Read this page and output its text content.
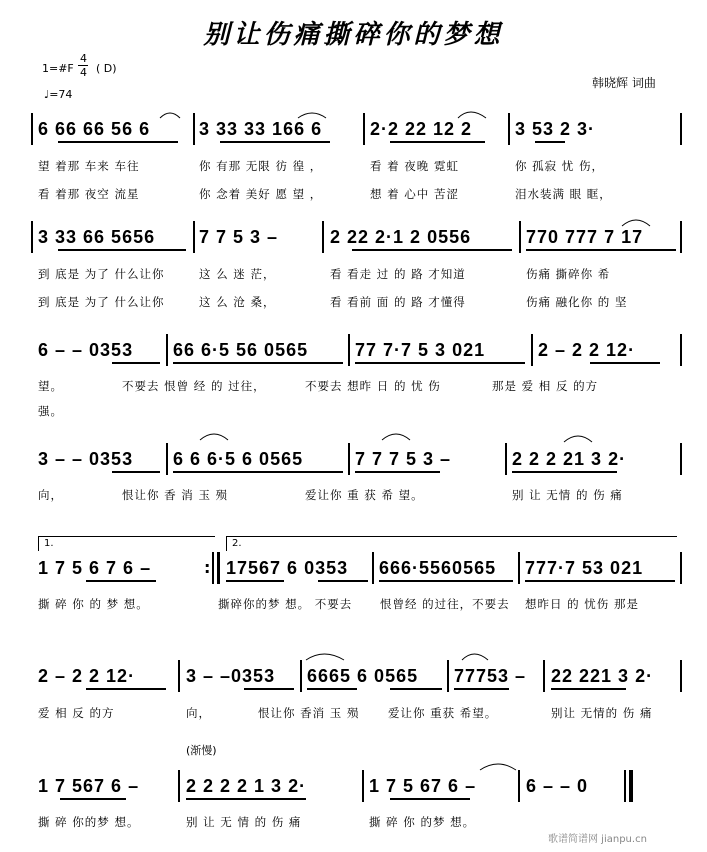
别让伤痛撕碎你的梦想
1=#F
4
4 ( D)
♩=74
韩晓辉 词曲
6 66 66 56 6	3 33 33 166 6	2·2 22 12 2 3 53 2 3·
望 着那 车来 车往	你 有那 无限 彷 徨 ，	看 着 夜晚 霓虹	你 孤寂 忧 伤，
看 着那 夜空 流星	你 念着 美好 愿 望 ，	想 着 心中 苦涩	泪水装满 眼 眶，
3 33 66 5656 7 7 5 3 –	2 22 2·1 2 0556	770 777 7 17
到 底是 为了 什么让你	这 么 迷 茫，	看 看走 过 的 路 才知道	伤痛 撕碎你 希
到 底是 为了 什么让你	这 么 沧 桑，	看 看前 面 的 路 才懂得	伤痛 融化你 的 坚
6 – – 0353 66 6·5 56 0565	77 7·7 5 3 021	2 – 2 2 12·
望。	不要去 恨曾 经 的 过往，	不要去 想昨 日 的 忧 伤	那是 爱 相 反 的方
强。
3 – – 0353 6 6 6·5 6 0565	7 7 7 5 3 –	2 2 2 21 3 2·
向，	恨让你 香 消 玉 殒	爱让你 重 获 希 望。	别 让 无情 的 伤 痛
1.	2.
1 7 5 6 7 6 –	: 17567 6 0353 666·5560565 777·7 53 021
撕 碎 你 的 梦 想。	撕碎你的梦 想。 不要去 恨曾经 的过往，不要去 想昨日 的 忧伤 那是
2 – 2 2 12·	3 – –0353 6665 6 0565 77753 – 22 221 3 2·
爱 相 反 的方	向，	恨让你 香消 玉 殒 爱让你 重获 希望。	别让 无情的 伤 痛
(渐慢)
1 7 567 6 –	2 2 2 2 1 3 2·	1 7 5 67 6 –	6 – – 0
撕 碎 你的梦 想。	别 让 无 情 的 伤 痛	撕 碎 你 的梦 想。
歌谱简谱网 jianpu.cn
